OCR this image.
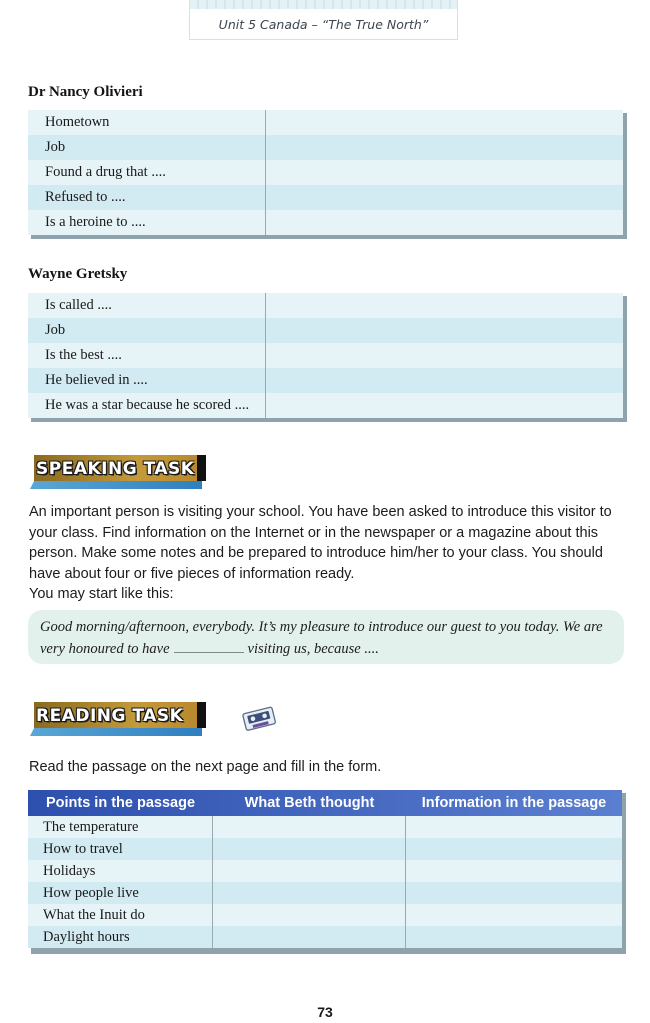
Unit 5 Canada – “The True North”
Dr Nancy Olivieri
Hometown
Job
Found a drug that ....
Refused to ....
Is a heroine to ....
Wayne Gretsky
Is called ....
Job
Is the best ....
He believed in ....
He was a star because he scored ....
SPEAKING TASK
An important person is visiting your school. You have been asked to introduce this visitor to your class. Find information on the Internet or in the newspaper or a magazine about this person. Make some notes and be prepared to introduce him/her to your class. You should have about four or five pieces of information ready.
You may start like this:
Good morning/afternoon, everybody. It’s my pleasure to introduce our guest to you today. We are very honoured to have	visiting us, because ....
READING TASK
Read the passage on the next page and fill in the form.
Points in the passage	What Beth thought	Information in the passage
The temperature
How to travel
Holidays
How people live
What the Inuit do
Daylight hours
73
